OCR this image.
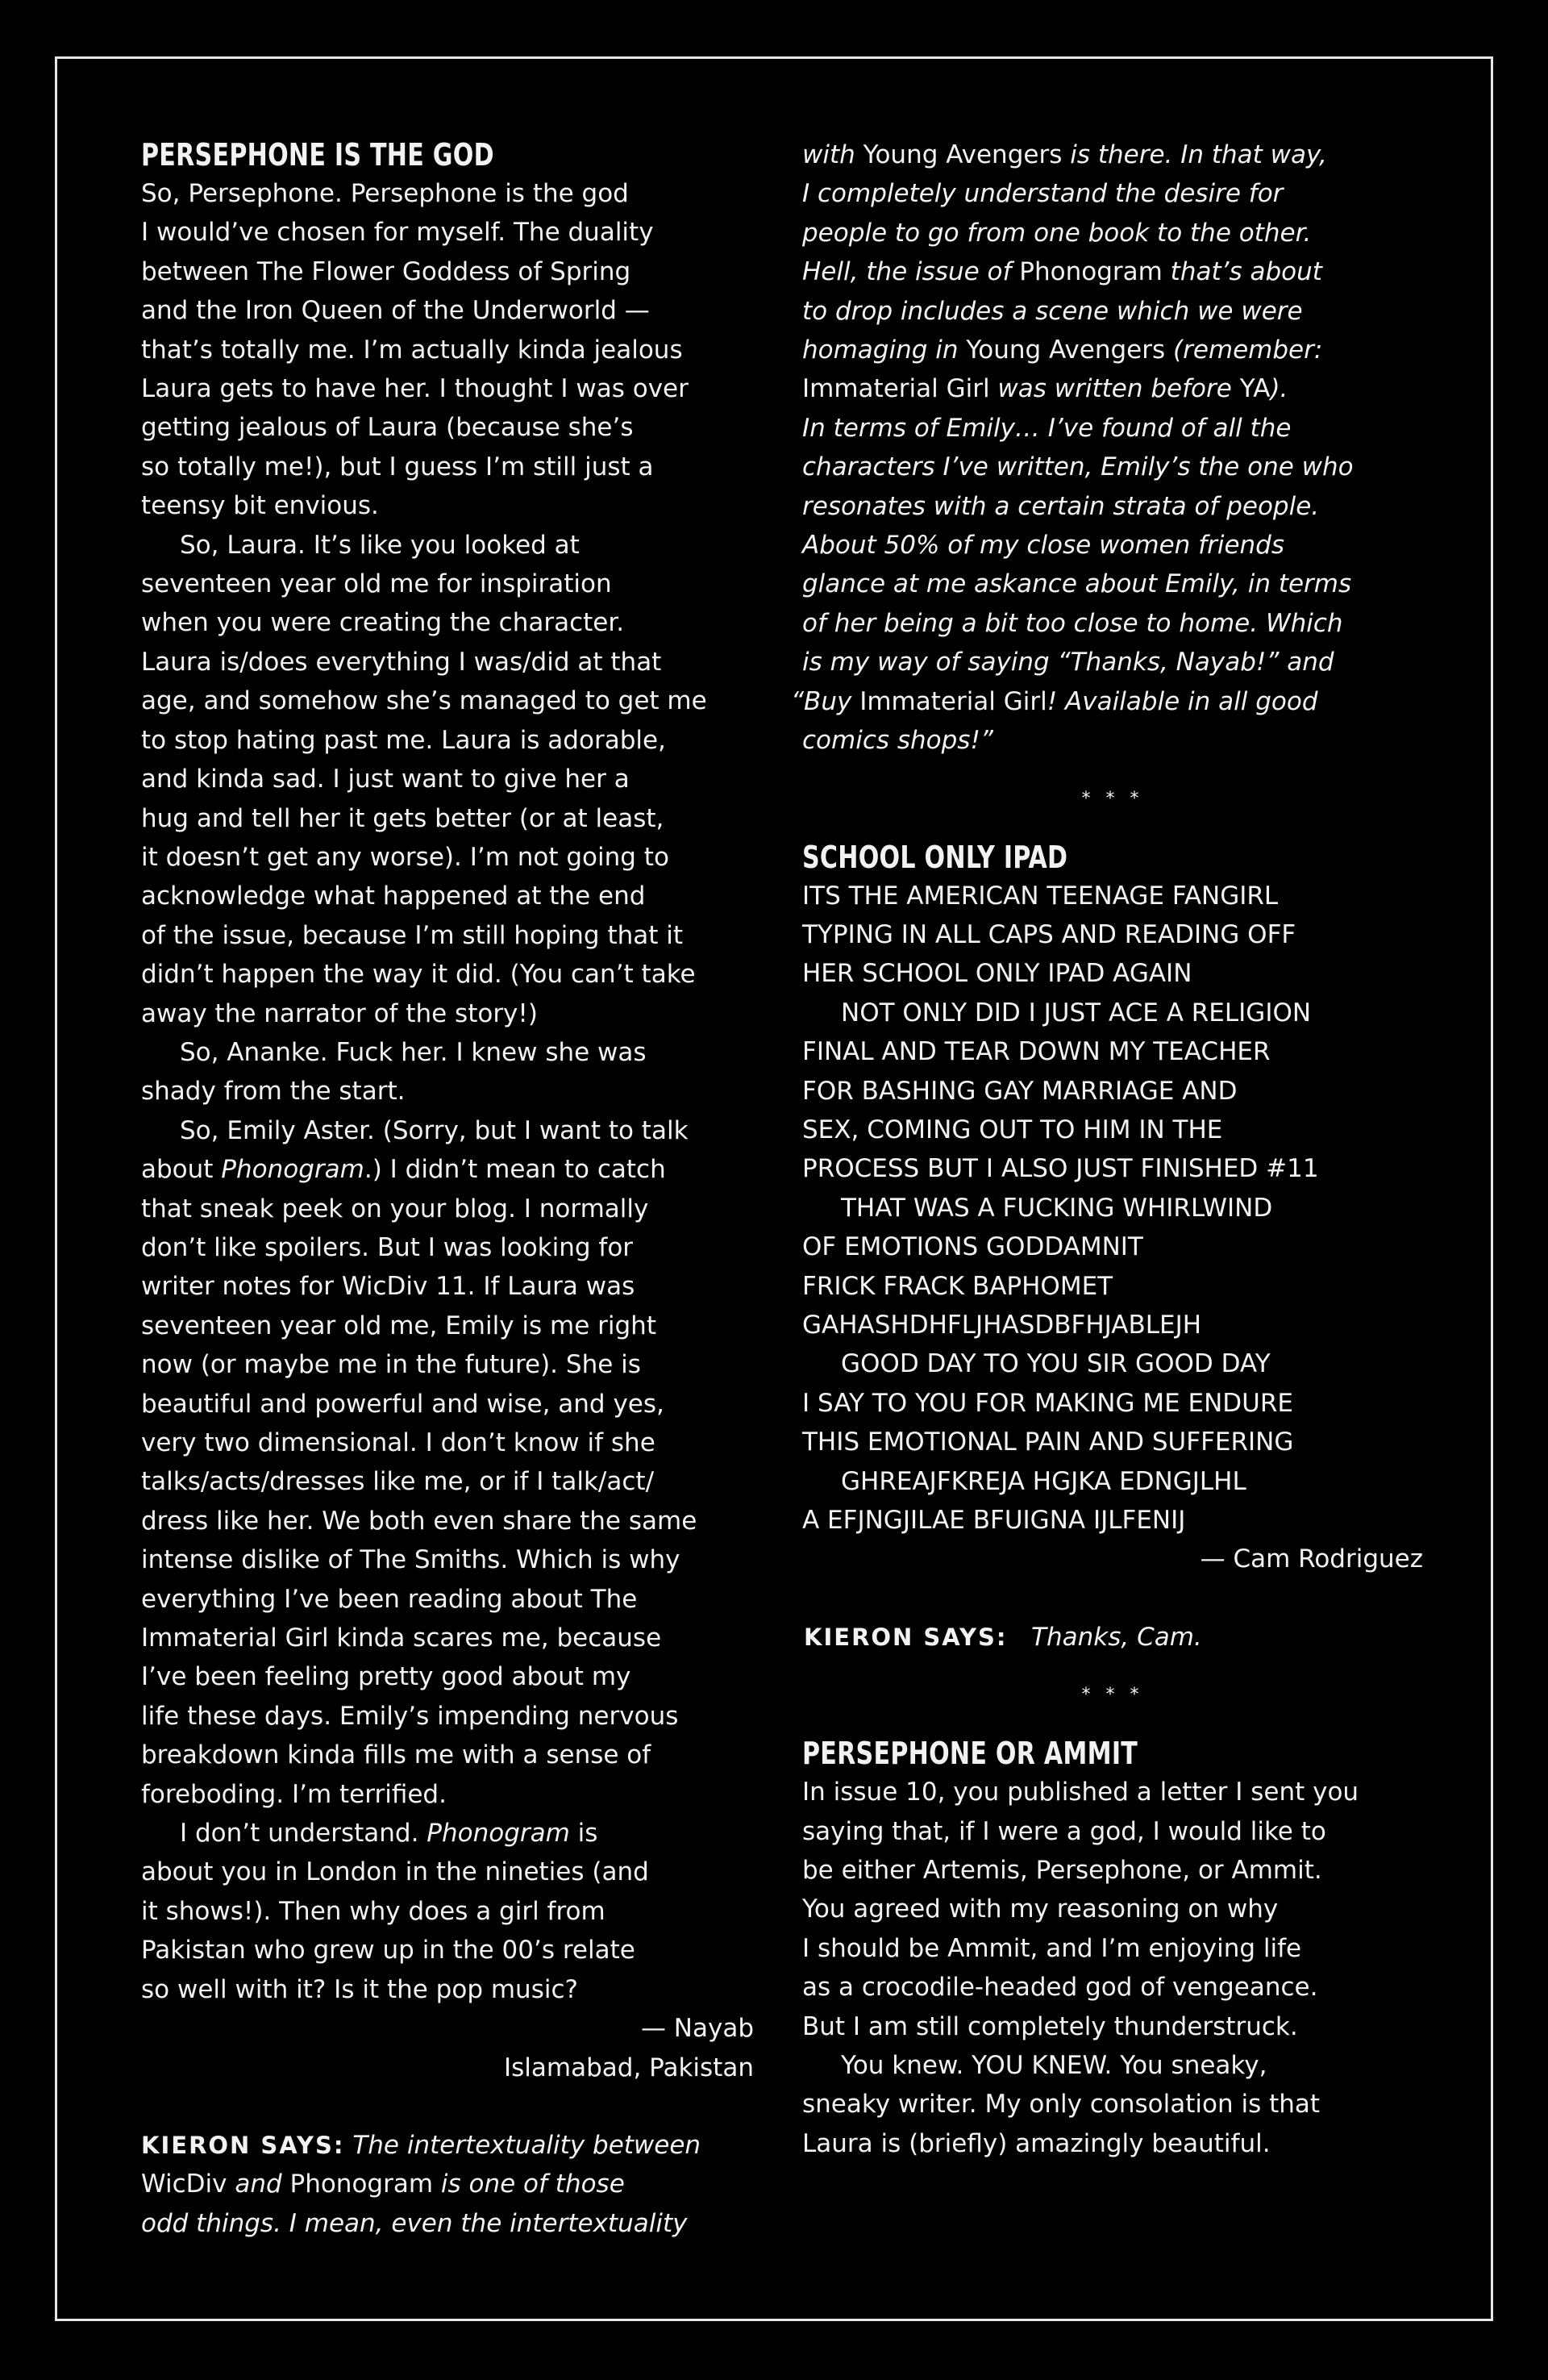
PERSEPHONE IS THE GOD
So, Persephone. Persephone is the god
I would’ve chosen for myself. The duality
between The Flower Goddess of Spring
and the Iron Queen of the Underworld —
that’s totally me. I’m actually kinda jealous
Laura gets to have her. I thought I was over
getting jealous of Laura (because she’s
so totally me!), but I guess I’m still just a
teensy bit envious.
So, Laura. It’s like you looked at
seventeen year old me for inspiration
when you were creating the character.
Laura is/does everything I was/did at that
age, and somehow she’s managed to get me
to stop hating past me. Laura is adorable,
and kinda sad. I just want to give her a
hug and tell her it gets better (or at least,
it doesn’t get any worse). I’m not going to
acknowledge what happened at the end
of the issue, because I’m still hoping that it
didn’t happen the way it did. (You can’t take
away the narrator of the story!)
So, Ananke. Fuck her. I knew she was
shady from the start.
So, Emily Aster. (Sorry, but I want to talk
about Phonogram.) I didn’t mean to catch
that sneak peek on your blog. I normally
don’t like spoilers. But I was looking for
writer notes for WicDiv 11. If Laura was
seventeen year old me, Emily is me right
now (or maybe me in the future). She is
beautiful and powerful and wise, and yes,
very two dimensional. I don’t know if she
talks/acts/dresses like me, or if I talk/act/
dress like her. We both even share the same
intense dislike of The Smiths. Which is why
everything I’ve been reading about The
Immaterial Girl kinda scares me, because
I’ve been feeling pretty good about my
life these days. Emily’s impending nervous
breakdown kinda fills me with a sense of
foreboding. I’m terrified.
I don’t understand. Phonogram is
about you in London in the nineties (and
it shows!). Then why does a girl from
Pakistan who grew up in the 00’s relate
so well with it? Is it the pop music?
— Nayab
Islamabad, Pakistan
KIERON SAYS: The intertextuality between
WicDiv and Phonogram is one of those
odd things. I mean, even the intertextuality
with Young Avengers is there. In that way,
I completely understand the desire for
people to go from one book to the other.
Hell, the issue of Phonogram that’s about
to drop includes a scene which we were
homaging in Young Avengers (remember:
Immaterial Girl was written before YA).
In terms of Emily… I’ve found of all the
characters I’ve written, Emily’s the one who
resonates with a certain strata of people.
About 50% of my close women friends
glance at me askance about Emily, in terms
of her being a bit too close to home. Which
is my way of saying “Thanks, Nayab!” and
“Buy Immaterial Girl! Available in all good
comics shops!”
* * *
SCHOOL ONLY IPAD
ITS THE AMERICAN TEENAGE FANGIRL
TYPING IN ALL CAPS AND READING OFF
HER SCHOOL ONLY IPAD AGAIN
NOT ONLY DID I JUST ACE A RELIGION
FINAL AND TEAR DOWN MY TEACHER
FOR BASHING GAY MARRIAGE AND
SEX, COMING OUT TO HIM IN THE
PROCESS BUT I ALSO JUST FINISHED #11
THAT WAS A FUCKING WHIRLWIND
OF EMOTIONS GODDAMNIT
FRICK FRACK BAPHOMET
GAHASHDHFLJHASDBFHJABLEJH
GOOD DAY TO YOU SIR GOOD DAY
I SAY TO YOU FOR MAKING ME ENDURE
THIS EMOTIONAL PAIN AND SUFFERING
GHREAJFKREJA HGJKA EDNGJLHL
A EFJNGJILAE BFUIGNA IJLFENIJ
— Cam Rodriguez
KIERON SAYS: Thanks, Cam.
* * *
PERSEPHONE OR AMMIT
In issue 10, you published a letter I sent you
saying that, if I were a god, I would like to
be either Artemis, Persephone, or Ammit.
You agreed with my reasoning on why
I should be Ammit, and I’m enjoying life
as a crocodile-headed god of vengeance.
But I am still completely thunderstruck.
You knew. YOU KNEW. You sneaky,
sneaky writer. My only consolation is that
Laura is (briefly) amazingly beautiful.
